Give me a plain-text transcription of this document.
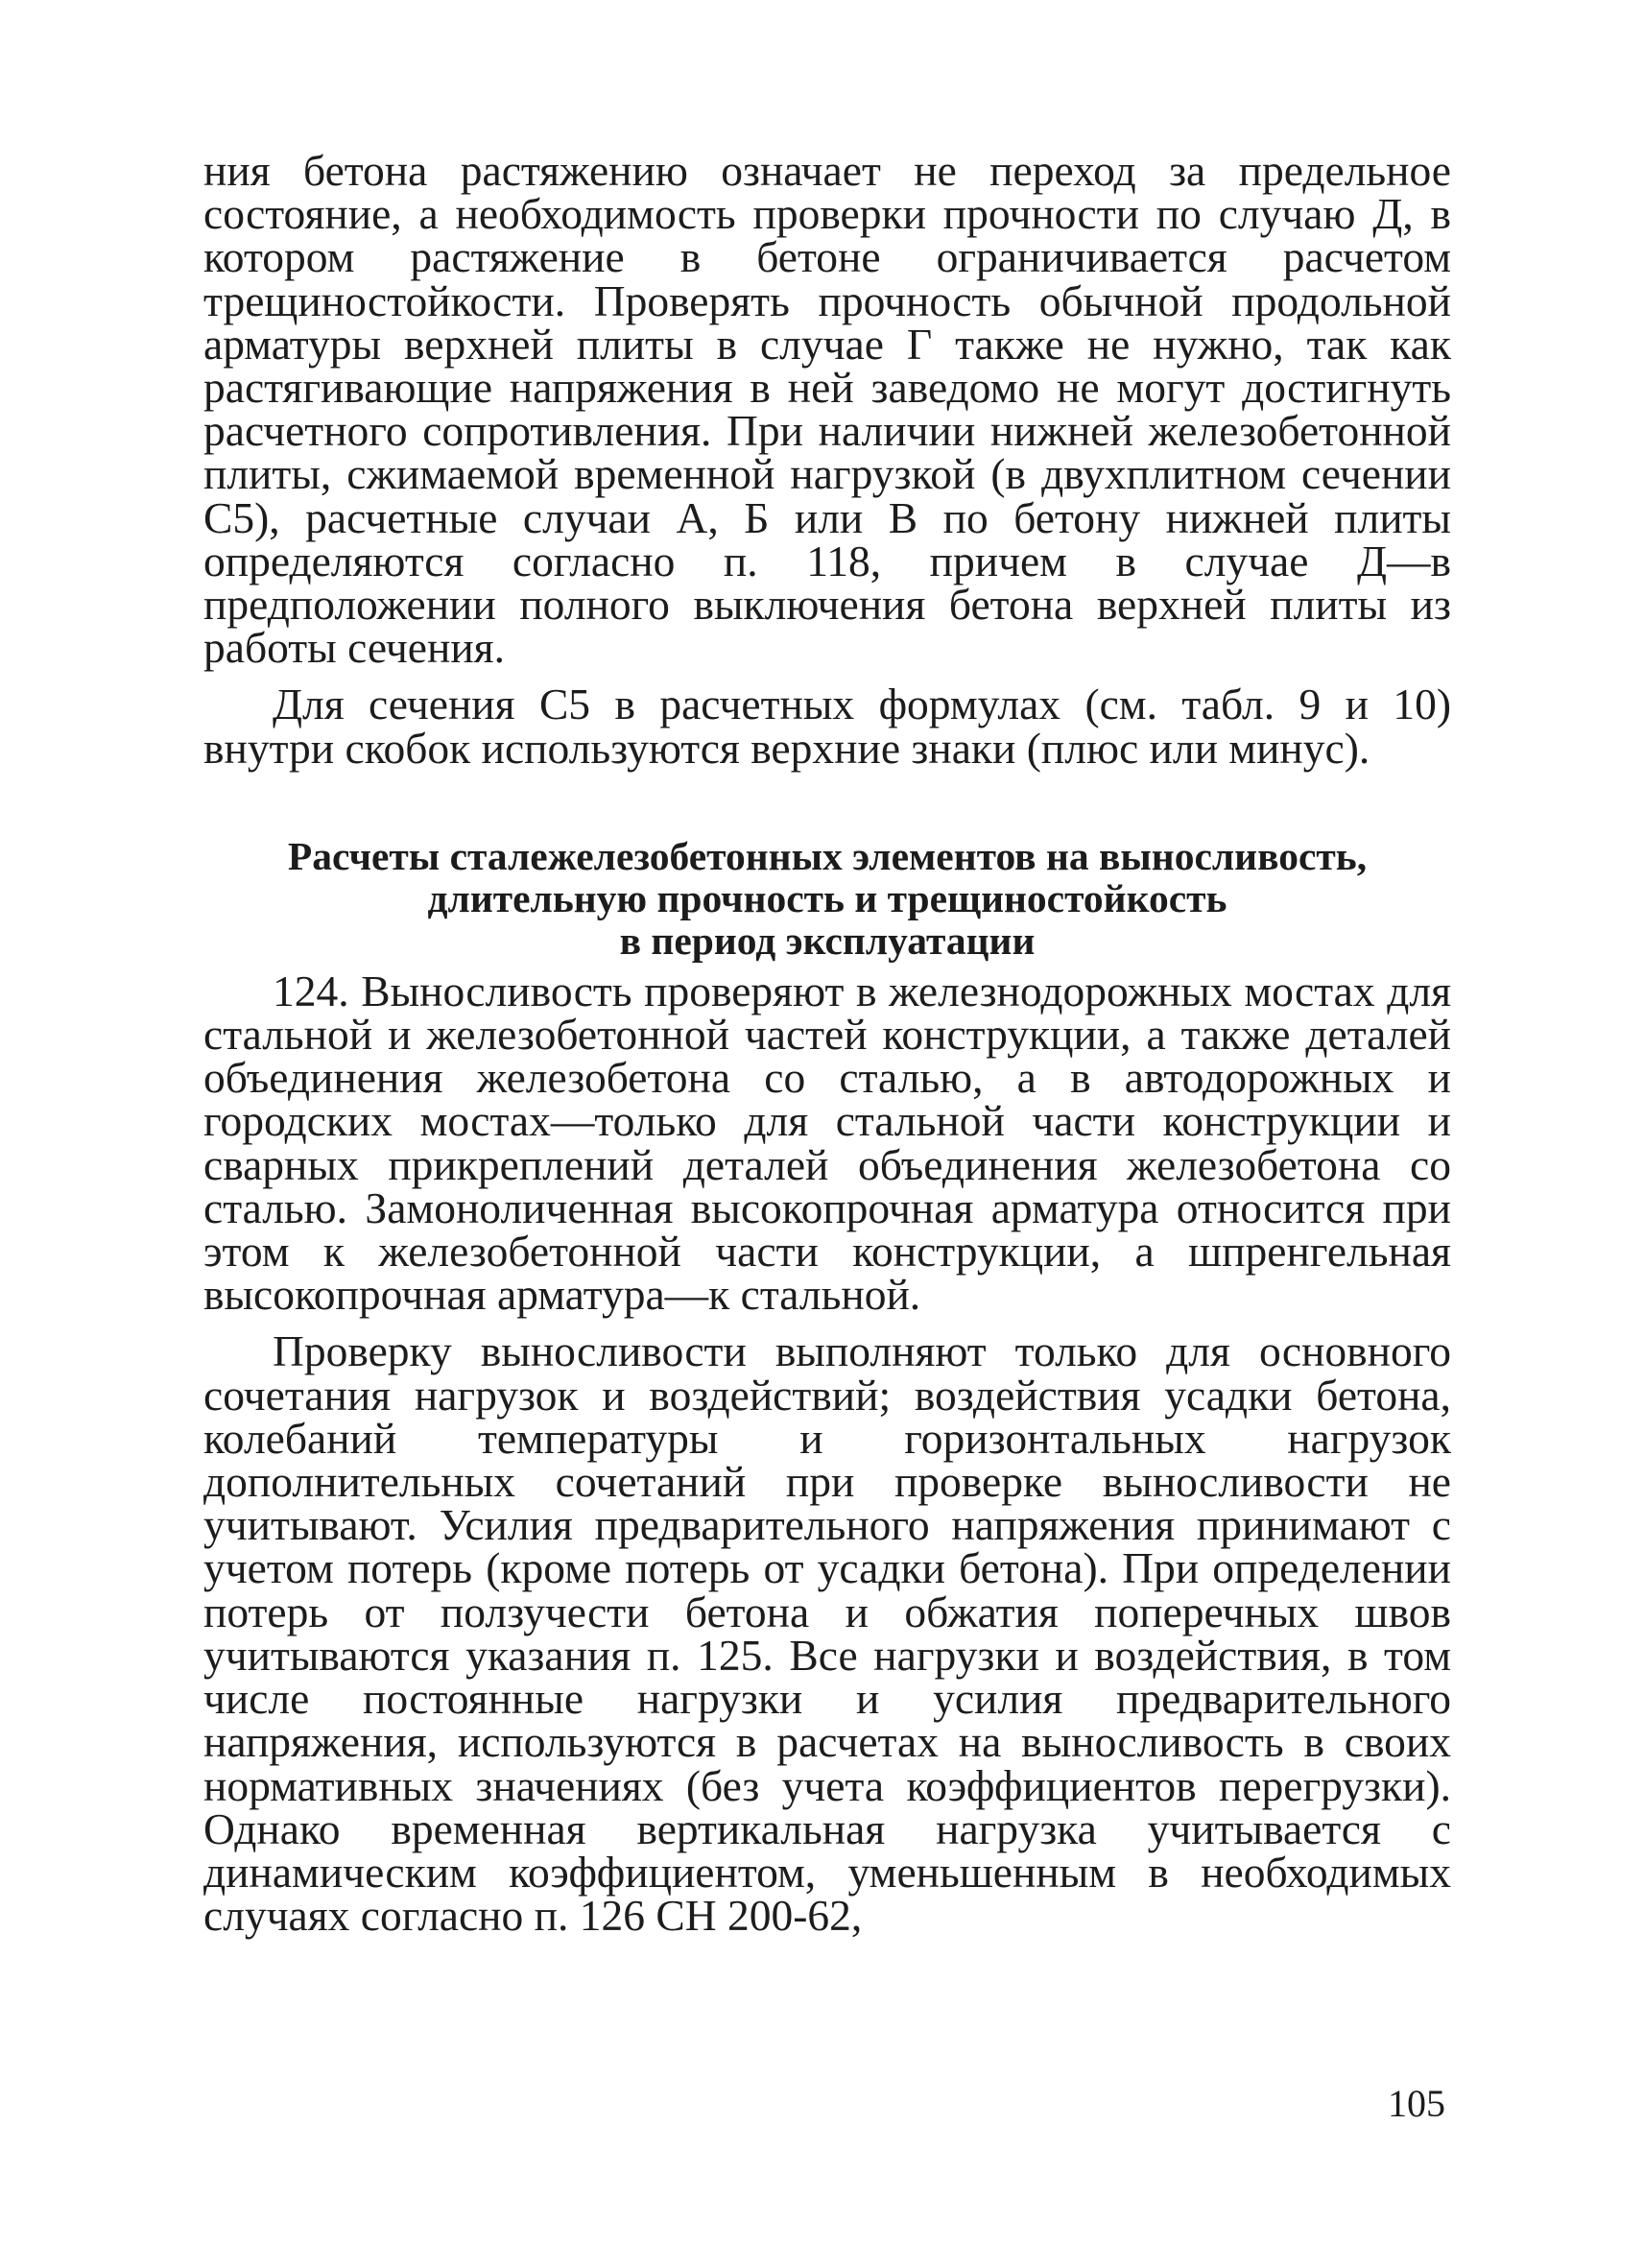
ния бетона растяжению означает не переход за предельное состояние, а необходимость проверки прочности по случаю Д, в котором растяжение в бетоне ограничивается расчетом трещиностойкости. Проверять прочность обычной продольной арматуры верхней плиты в случае Г также не нужно, так как растягивающие напряжения в ней заведомо не могут достигнуть расчетного сопротивления. При наличии нижней железобетонной плиты, сжимаемой временной нагрузкой (в двухплитном сечении С5), расчетные случаи А, Б или В по бетону нижней плиты определяются согласно п. 118, причем в случае Д—в предположении полного выключения бетона верхней плиты из работы сечения.

Для сечения С5 в расчетных формулах (см. табл. 9 и 10) внутри скобок используются верхние знаки (плюс или минус).

Расчеты сталежелезобетонных элементов на выносливость,

длительную прочность и трещиностойкость

в период эксплуатации

124. Выносливость проверяют в железнодорожных мостах для стальной и железобетонной частей конструкции, а также деталей объединения железобетона со сталью, а в автодорожных и городских мостах—только для стальной части конструкции и сварных прикреплений деталей объединения железобетона со сталью. Замоноличенная высокопрочная арматура относится при этом к железобетонной части конструкции, а шпренгельная высокопрочная арматура—к стальной.

Проверку выносливости выполняют только для основного сочетания нагрузок и воздействий; воздействия усадки бетона, колебаний температуры и горизонтальных нагрузок дополнительных сочетаний при проверке выносливости не учитывают. Усилия предварительного напряжения принимают с учетом потерь (кроме потерь от усадки бетона). При определении потерь от ползучести бетона и обжатия поперечных швов учитываются указания п. 125. Все нагрузки и воздействия, в том числе постоянные нагрузки и усилия предварительного напряжения, используются в расчетах на выносливость в своих нормативных значениях (без учета коэффициентов перегрузки). Однако временная вертикальная нагрузка учитывается с динамическим коэффициентом, уменьшенным в необходимых случаях согласно п. 126 СН 200-62,

105
